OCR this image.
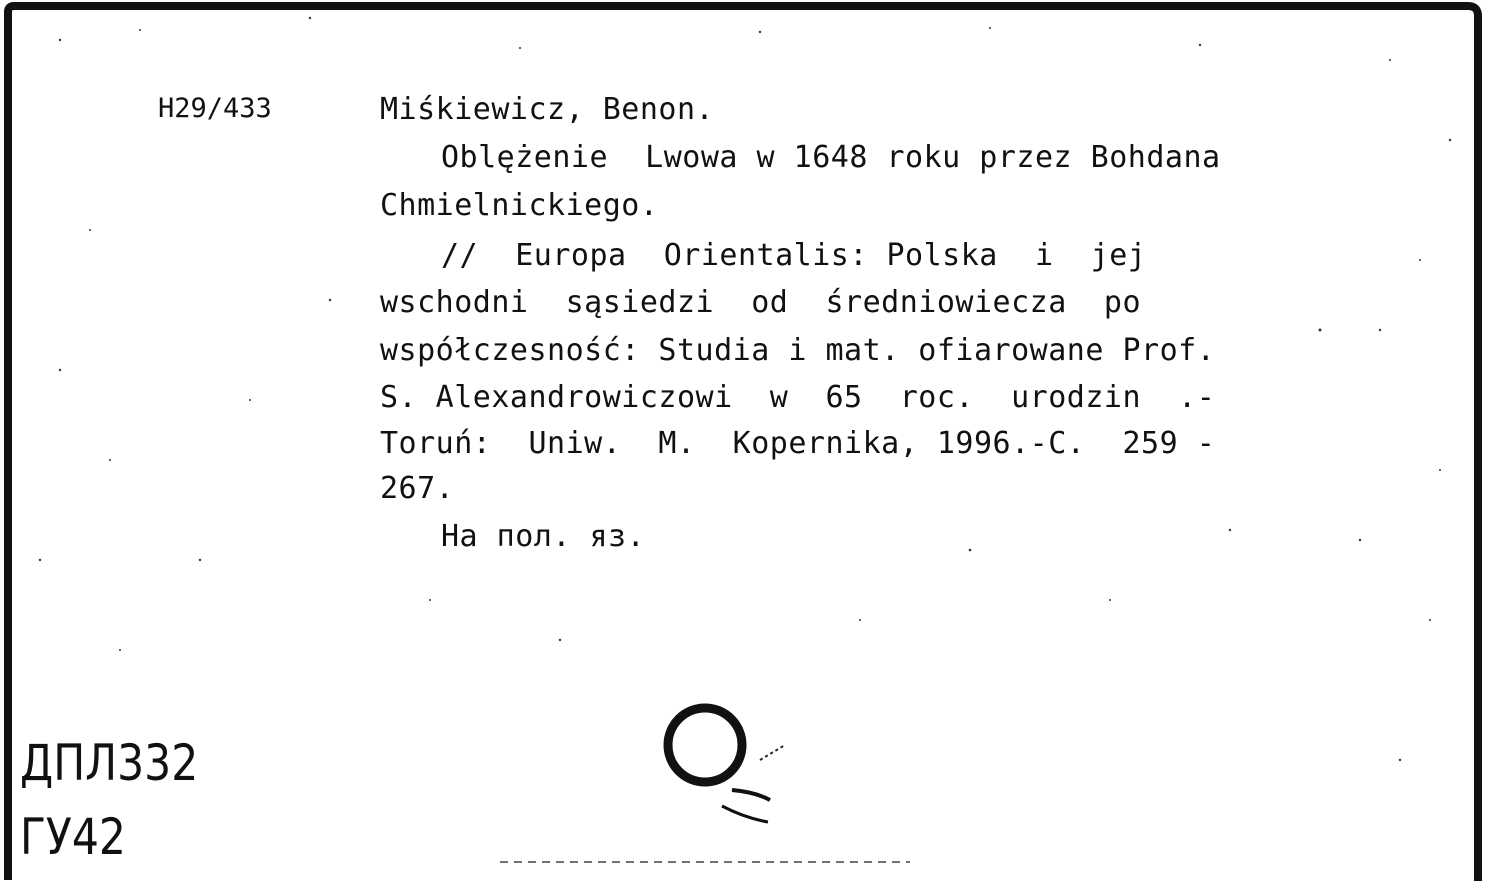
H29/433	Miśkiewicz, Benon.
Oblężenie  Lwowa w 1648 roku przez Bohdana
Chmielnickiego.
//  Europa  Orientalis: Polska  i  jej
wschodni  sąsiedzi  od  średniowiecza  po
współczesność: Studia i mat. ofiarowane Prof.
S. Alexandrowiczowi  w  65  roc.  urodzin  .-
Toruń:  Uniw.  M.  Kopernika, 1996.-C.  259 -
267.
На пол. яз.
ДПЛ332
ГУ42
